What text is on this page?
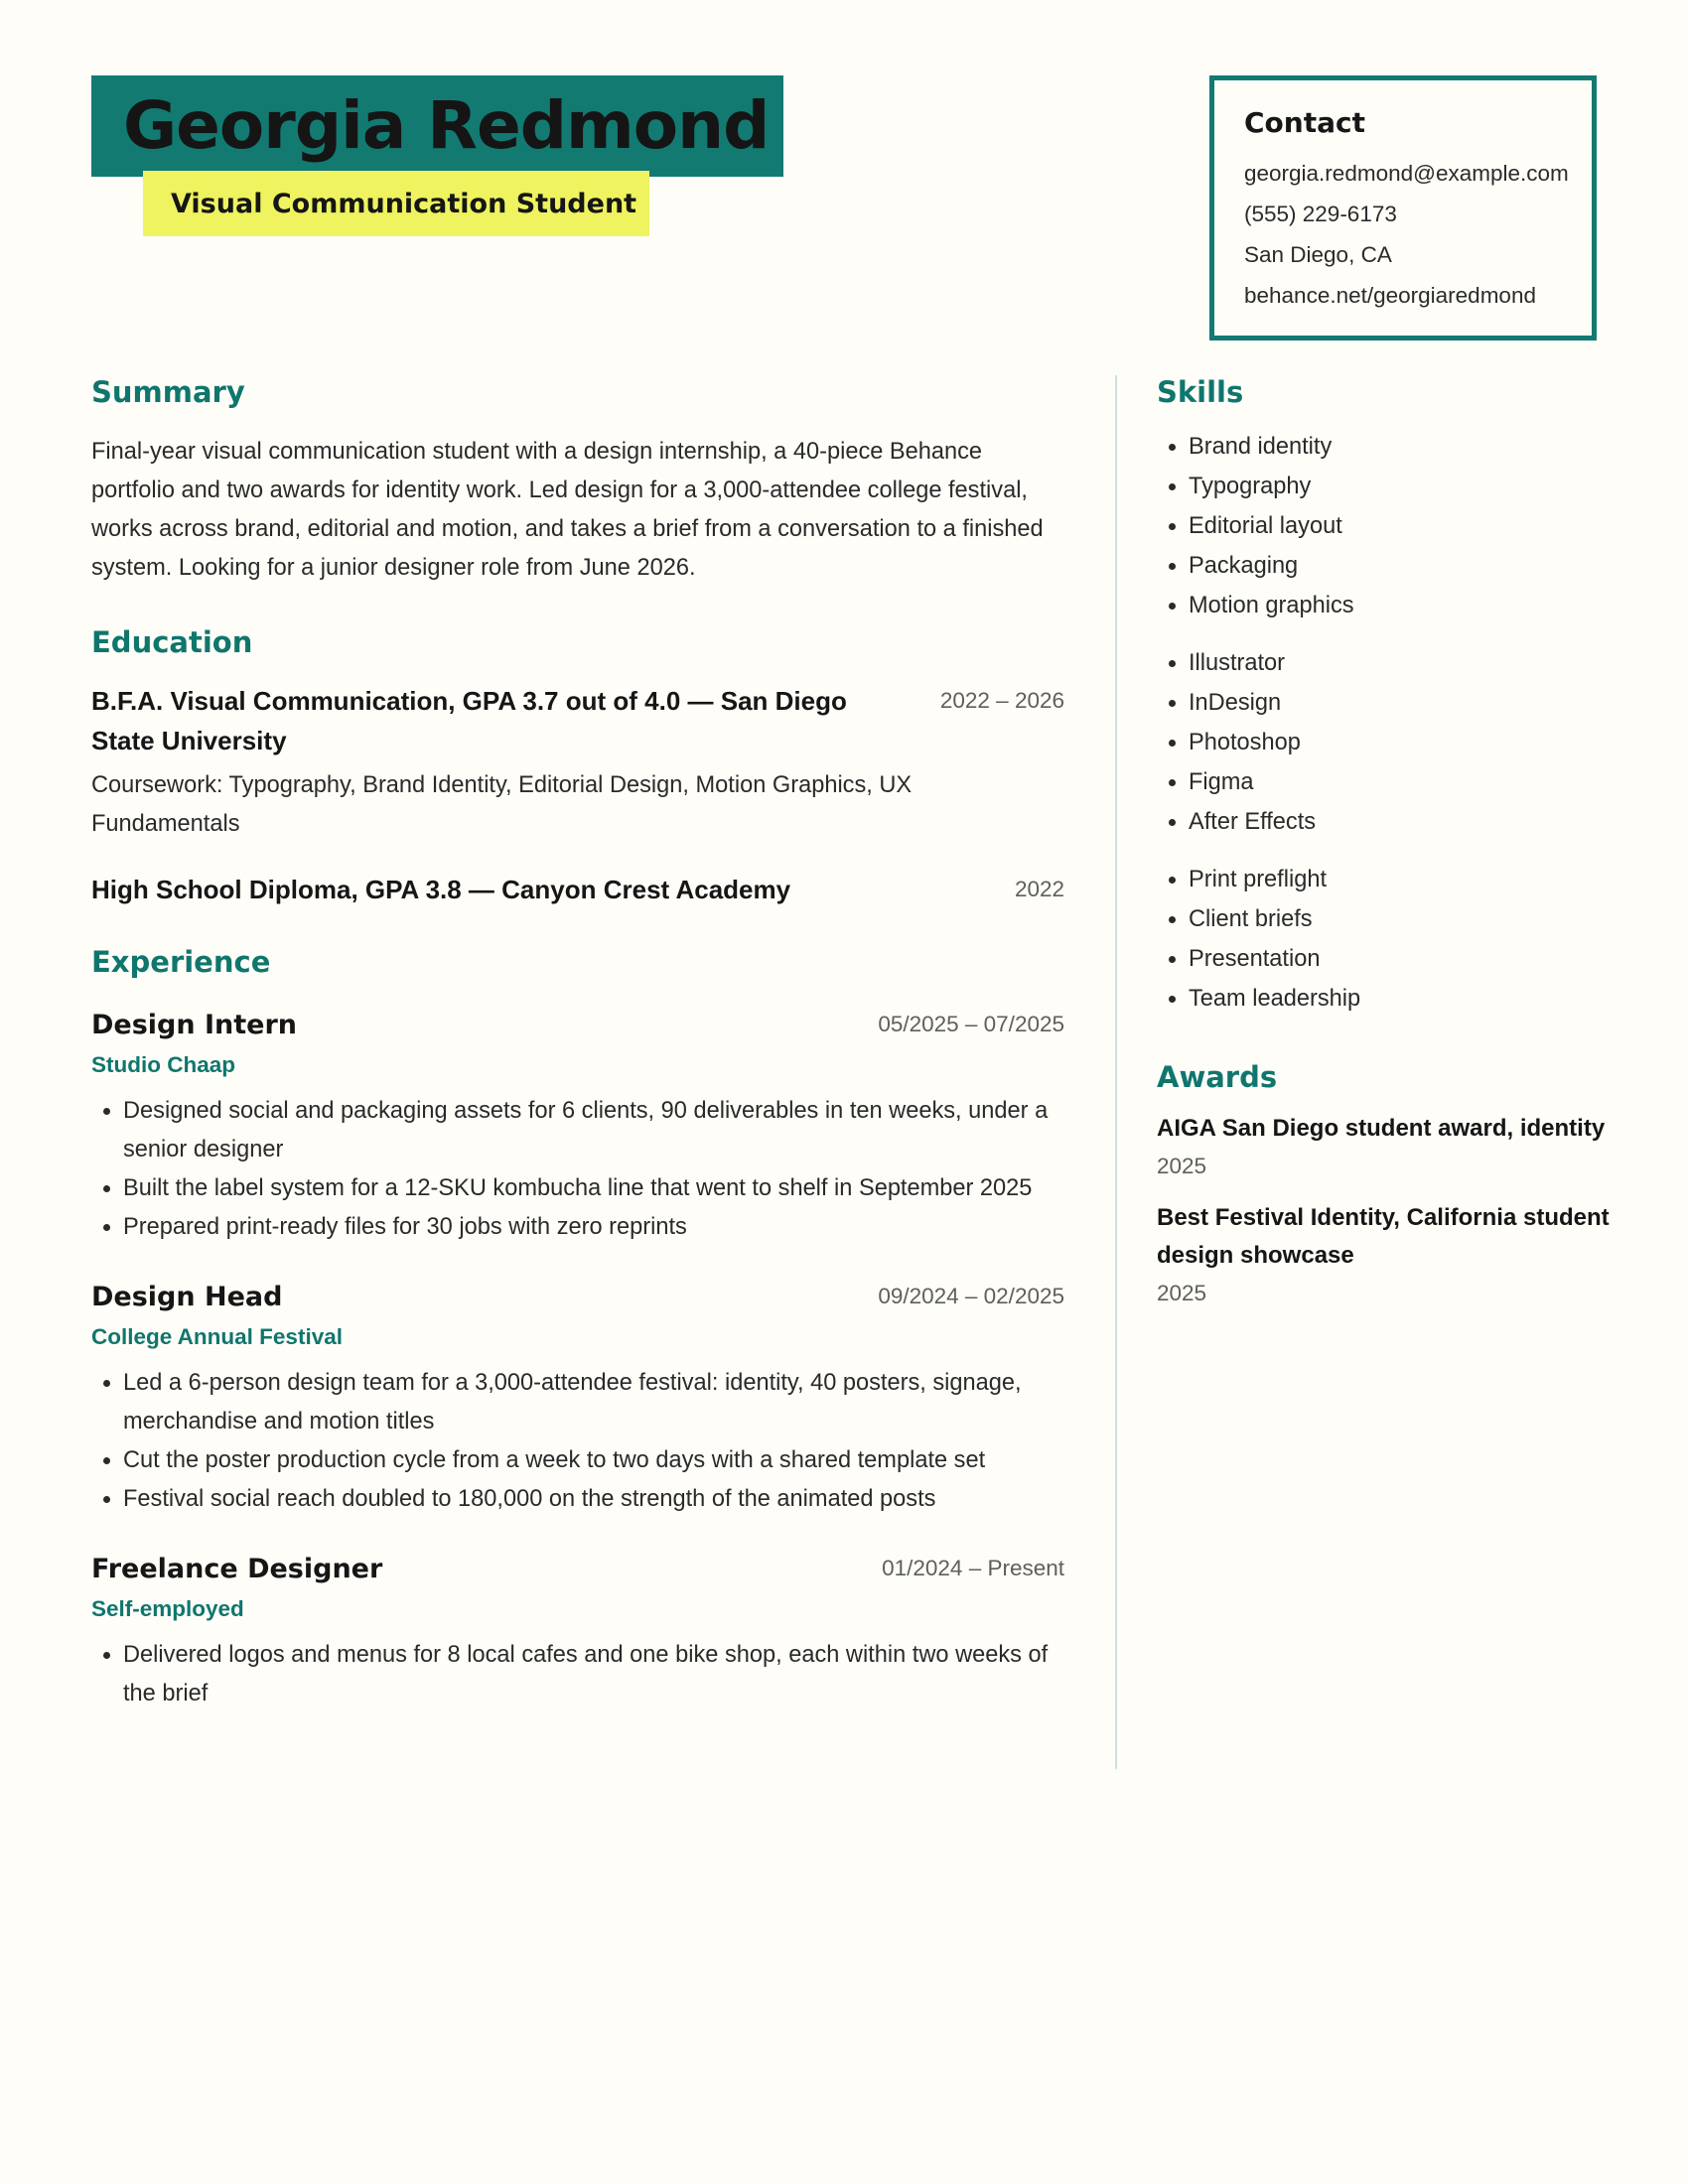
Georgia Redmond
Visual Communication Student
Contact
georgia.redmond@example.com
(555) 229-6173
San Diego, CA
behance.net/georgiaredmond
Summary

Final-year visual communication student with a design internship, a 40-piece Behance portfolio and two awards for identity work. Led design for a 3,000-attendee college festival, works across brand, editorial and motion, and takes a brief from a conversation to a finished system. Looking for a junior designer role from June 2026.

Education
B.F.A. Visual Communication, GPA 3.7 out of 4.0 — San Diego State University
2022 – 2026
Coursework: Typography, Brand Identity, Editorial Design, Motion Graphics, UX Fundamentals
High School Diploma, GPA 3.8 — Canyon Crest Academy	2022
Experience
Design Intern	05/2025 – 07/2025
Studio Chaap
• Designed social and packaging assets for 6 clients, 90 deliverables in ten weeks, under a senior designer
• Built the label system for a 12-SKU kombucha line that went to shelf in September 2025
• Prepared print-ready files for 30 jobs with zero reprints
Design Head	09/2024 – 02/2025
College Annual Festival
• Led a 6-person design team for a 3,000-attendee festival: identity, 40 posters, signage, merchandise and motion titles
• Cut the poster production cycle from a week to two days with a shared template set
• Festival social reach doubled to 180,000 on the strength of the animated posts
Freelance Designer	01/2024 – Present
Self-employed
• Delivered logos and menus for 8 local cafes and one bike shop, each within two weeks of the brief
Skills
• Brand identity
• Typography
• Editorial layout
• Packaging
• Motion graphics
• Illustrator
• InDesign
• Photoshop
• Figma
• After Effects
• Print preflight
• Client briefs
• Presentation
• Team leadership
Awards
AIGA San Diego student award, identity
2025
Best Festival Identity, California student design showcase
2025
